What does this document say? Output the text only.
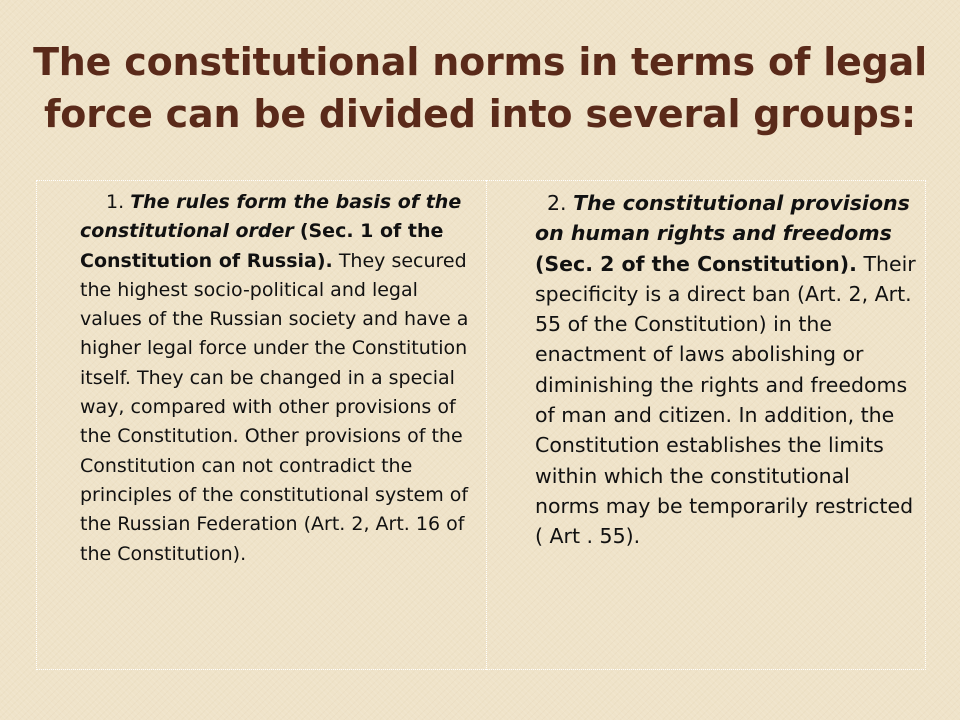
The constitutional norms in terms of legal force can be divided into several groups:

1. The rules form the basis of the constitutional order (Sec. 1 of the Constitution of Russia). They secured the highest socio-political and legal values of the Russian society and have a higher legal force under the Constitution itself. They can be changed in a special way, compared with other provisions of the Constitution. Other provisions of the Constitution can not contradict the principles of the constitutional system of the Russian Federation (Art. 2, Art. 16 of the Constitution).

2. The constitutional provisions on human rights and freedoms (Sec. 2 of the Constitution). Their specificity is a direct ban (Art. 2, Art. 55 of the Constitution) in the enactment of laws abolishing or diminishing the rights and freedoms of man and citizen. In addition, the Constitution establishes the limits within which the constitutional norms may be temporarily restricted ( Art . 55).
